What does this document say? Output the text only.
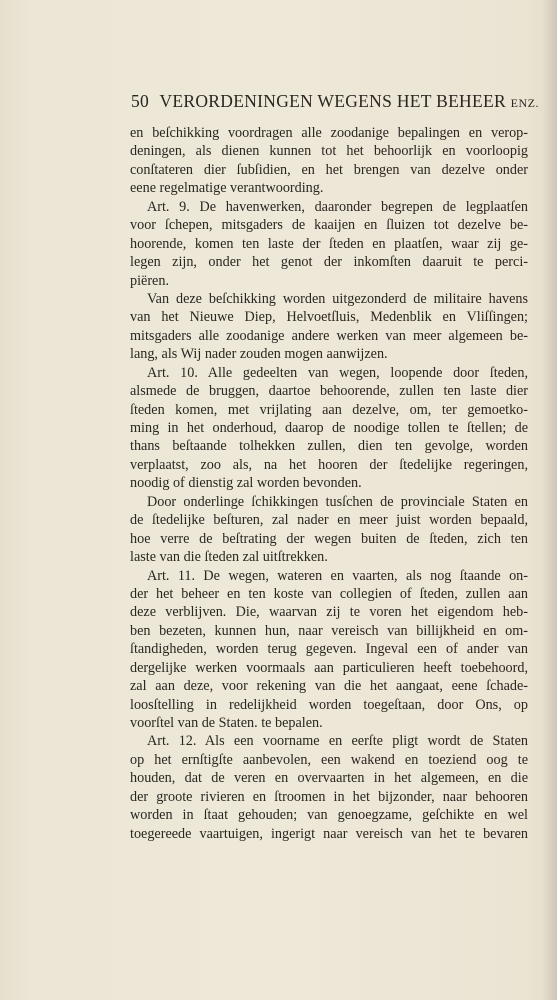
50 VERORDENINGEN WEGENS HET BEHEER ENZ.
en beſchikking voordragen alle zoodanige bepalingen en verор-
deningen, als dienen kunnen tot het behoorlijk en voorloopig
conſtateren dier ſubſidien, en het brengen van dezelve onder
eene regelmatige verantwoording.
Art. 9. De havenwerken, daaronder begrepen de legplaatſen
voor ſchepen, mitsgaders de kaaijen en ſluizen tot dezelve be-
hoorende, komen ten laste der ſteden en plaatſen, waar zij ge-
legen zijn, onder het genot der inkomſten daaruit te perci-
piëren.
Van deze beſchikking worden uitgezonderd de militaire havens
van het Nieuwe Diep, Helvoetſluis, Medenblik en Vliſſingen;
mitsgaders alle zoodanige andere werken van meer algemeen be-
lang, als Wij nader zouden mogen aanwijzen.
Art. 10. Alle gedeelten van wegen, loopende door ſteden,
alsmede de bruggen, daartoe behoorende, zullen ten laste dier
ſteden komen, met vrijlating aan dezelve, om, ter gemoetko-
ming in het onderhoud, daarop de noodige tollen te ſtellen; de
thans beſtaande tolhekken zullen, dien ten gevolge, worden
verplaatst, zoo als, na het hooren der ſtedelijke regeringen,
noodig of dienstig zal worden bevonden.
Door onderlinge ſchikkingen tusſchen de provinciale Staten en
de ſtedelijke beſturen, zal nader en meer juist worden bepaald,
hoe verre de beſtrating der wegen buiten de ſteden, zich ten
laste van die ſteden zal uitſtrekken.
Art. 11. De wegen, wateren en vaarten, als nog ſtaande on-
der het beheer en ten koste van collegien of ſteden, zullen aan
deze verblijven. Die, waarvan zij te voren het eigendom heb-
ben bezeten, kunnen hun, naar vereisch van billijkheid en om-
ſtandigheden, worden terug gegeven. Ingeval een of ander van
dergelijke werken voormaals aan particulieren heeft toebehoord,
zal aan deze, voor rekening van die het aangaat, eene ſchade-
loosſtelling in redelijkheid worden toegeſtaan, door Ons, op
voorſtel van de Staten. te bepalen.
Art. 12. Als een voorname en eerſte pligt wordt de Staten
op het ernſtigſte aanbevolen, een wakend en toeziend oog te
houden, dat de veren en overvaarten in het algemeen, en die
der groote rivieren en ſtroomen in het bijzonder, naar behooren
worden in ſtaat gehouden; van genoegzame, geſchikte en wel
toegereede vaartuigen, ingerigt naar vereisch van het te bevaren
